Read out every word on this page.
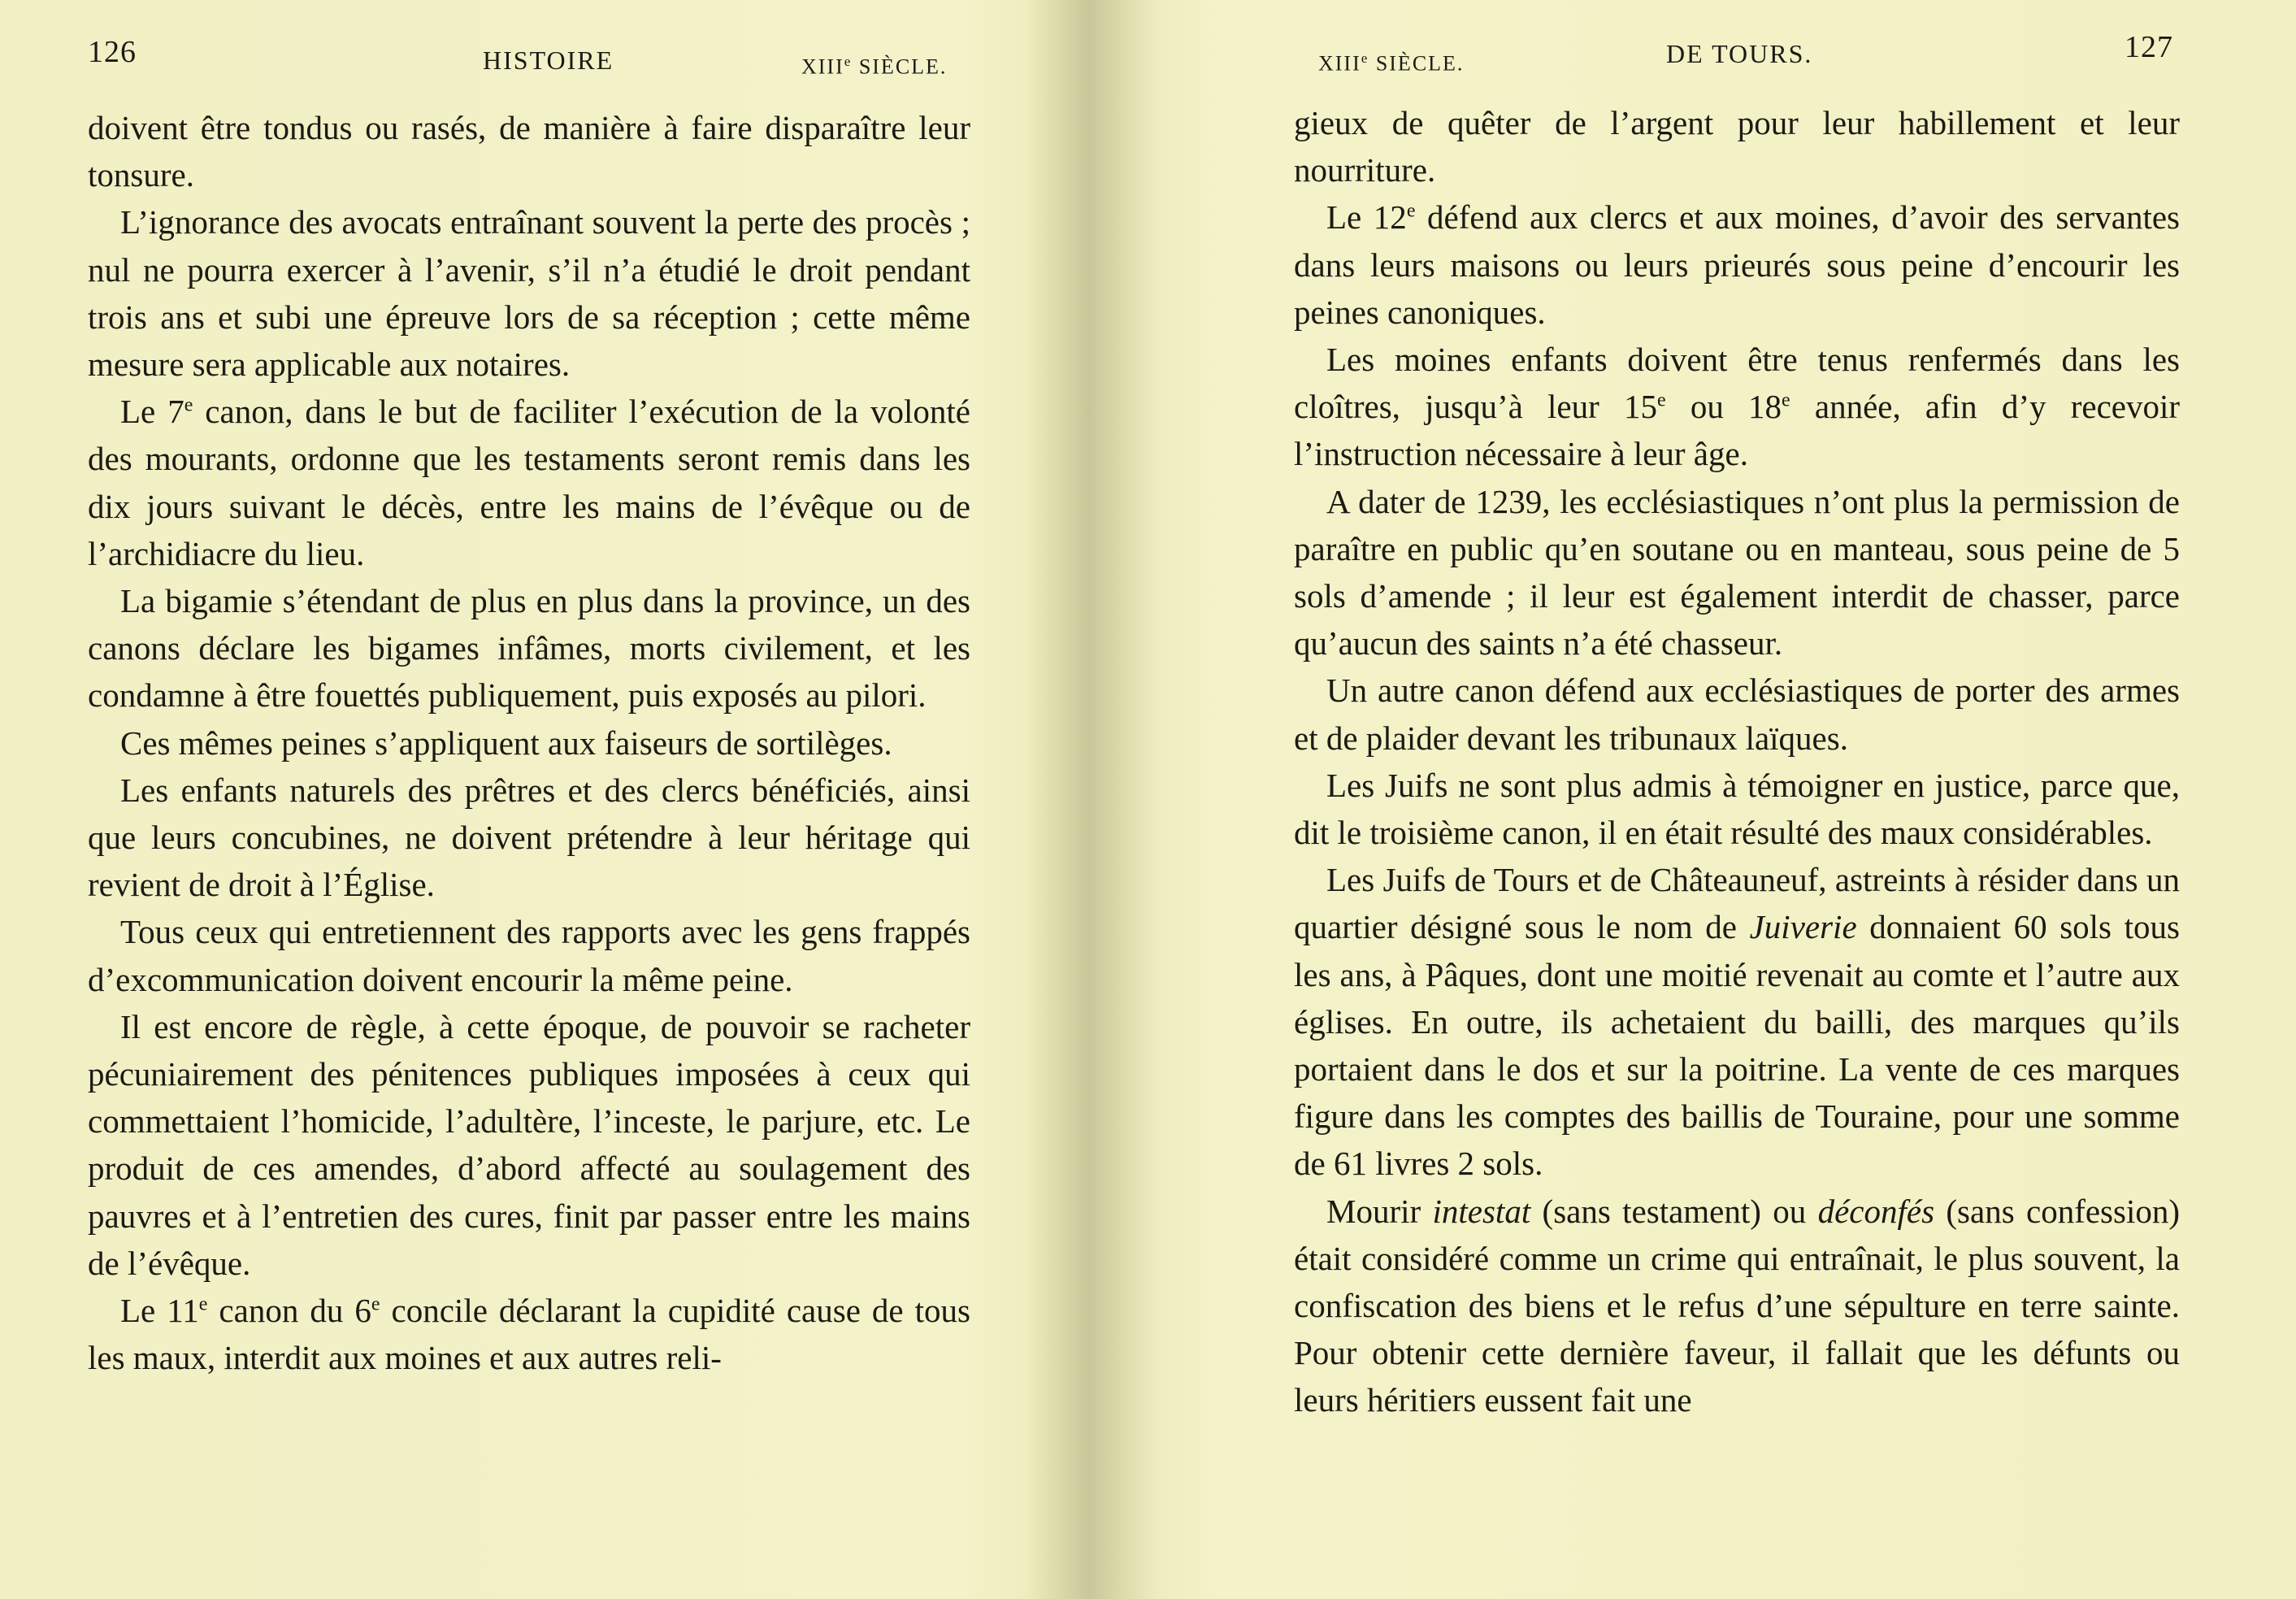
126	HISTOIRE	XIIIe SIÈCLE.

doivent être tondus ou rasés, de manière à faire disparaître leur tonsure.

L’ignorance des avocats entraînant souvent la perte des procès ; nul ne pourra exercer à l’avenir, s’il n’a étudié le droit pendant trois ans et subi une épreuve lors de sa réception ; cette même mesure sera applicable aux notaires.

Le 7e canon, dans le but de faciliter l’exécution de la volonté des mourants, ordonne que les testaments seront remis dans les dix jours suivant le décès, entre les mains de l’évêque ou de l’archidiacre du lieu.

La bigamie s’étendant de plus en plus dans la province, un des canons déclare les bigames infâmes, morts civilement, et les condamne à être fouettés publiquement, puis exposés au pilori.

Ces mêmes peines s’appliquent aux faiseurs de sortilèges.

Les enfants naturels des prêtres et des clercs bénéficiés, ainsi que leurs concubines, ne doivent prétendre à leur héritage qui revient de droit à l’Église.

Tous ceux qui entretiennent des rapports avec les gens frappés d’excommunication doivent encourir la même peine.

Il est encore de règle, à cette époque, de pouvoir se racheter pécuniairement des pénitences publiques imposées à ceux qui commettaient l’homicide, l’adultère, l’inceste, le parjure, etc. Le produit de ces amendes, d’abord affecté au soulagement des pauvres et à l’entretien des cures, finit par passer entre les mains de l’évêque.

Le 11e canon du 6e concile déclarant la cupidité cause de tous les maux, interdit aux moines et aux autres reli-

XIIIe SIÈCLE.	DE TOURS.	127

gieux de quêter de l’argent pour leur habillement et leur nourriture.

Le 12e défend aux clercs et aux moines, d’avoir des servantes dans leurs maisons ou leurs prieurés sous peine d’encourir les peines canoniques.

Les moines enfants doivent être tenus renfermés dans les cloîtres, jusqu’à leur 15e ou 18e année, afin d’y recevoir l’instruction nécessaire à leur âge.

A dater de 1239, les ecclésiastiques n’ont plus la permission de paraître en public qu’en soutane ou en manteau, sous peine de 5 sols d’amende ; il leur est également interdit de chasser, parce qu’aucun des saints n’a été chasseur.

Un autre canon défend aux ecclésiastiques de porter des armes et de plaider devant les tribunaux laïques.

Les Juifs ne sont plus admis à témoigner en justice, parce que, dit le troisième canon, il en était résulté des maux considérables.

Les Juifs de Tours et de Châteauneuf, astreints à résider dans un quartier désigné sous le nom de Juiverie donnaient 60 sols tous les ans, à Pâques, dont une moitié revenait au comte et l’autre aux églises. En outre, ils achetaient du bailli, des marques qu’ils portaient dans le dos et sur la poitrine. La vente de ces marques figure dans les comptes des baillis de Touraine, pour une somme de 61 livres 2 sols.

Mourir intestat (sans testament) ou déconfés (sans confession) était considéré comme un crime qui entraînait, le plus souvent, la confiscation des biens et le refus d’une sépulture en terre sainte. Pour obtenir cette dernière faveur, il fallait que les défunts ou leurs héritiers eussent fait une
